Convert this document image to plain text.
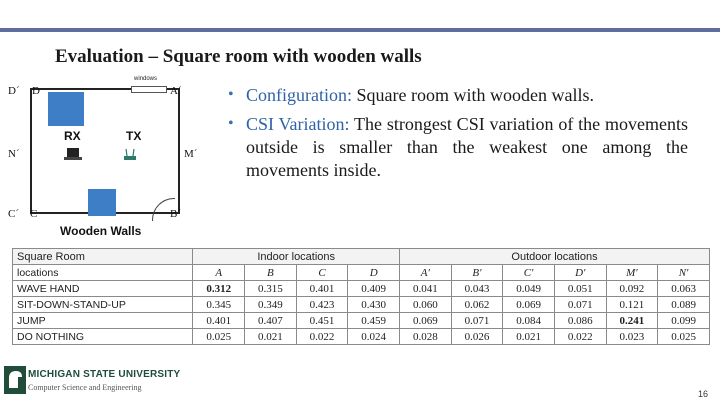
Evaluation – Square room with wooden walls
windows
D´ D	A´
N´	M´
C´ C	B´
RX	TX
Wooden Walls
• Configuration: Square room with wooden walls.
• CSI Variation: The strongest CSI variation of the movements outside is smaller than the weakest one among the movements inside.
Square Room	Indoor locations				Outdoor locations					
locations	A	B	C	D	A′	B′	C′	D′	M′	N′
WAVE HAND	0.312	0.315	0.401	0.409	0.041	0.043	0.049	0.051	0.092	0.063
SIT-DOWN-STAND-UP	0.345	0.349	0.423	0.430	0.060	0.062	0.069	0.071	0.121	0.089
JUMP	0.401	0.407	0.451	0.459	0.069	0.071	0.084	0.086	0.241	0.099
DO NOTHING	0.025	0.021	0.022	0.024	0.028	0.026	0.021	0.022	0.023	0.025
MICHIGAN STATE UNIVERSITY
Computer Science and Engineering
16
